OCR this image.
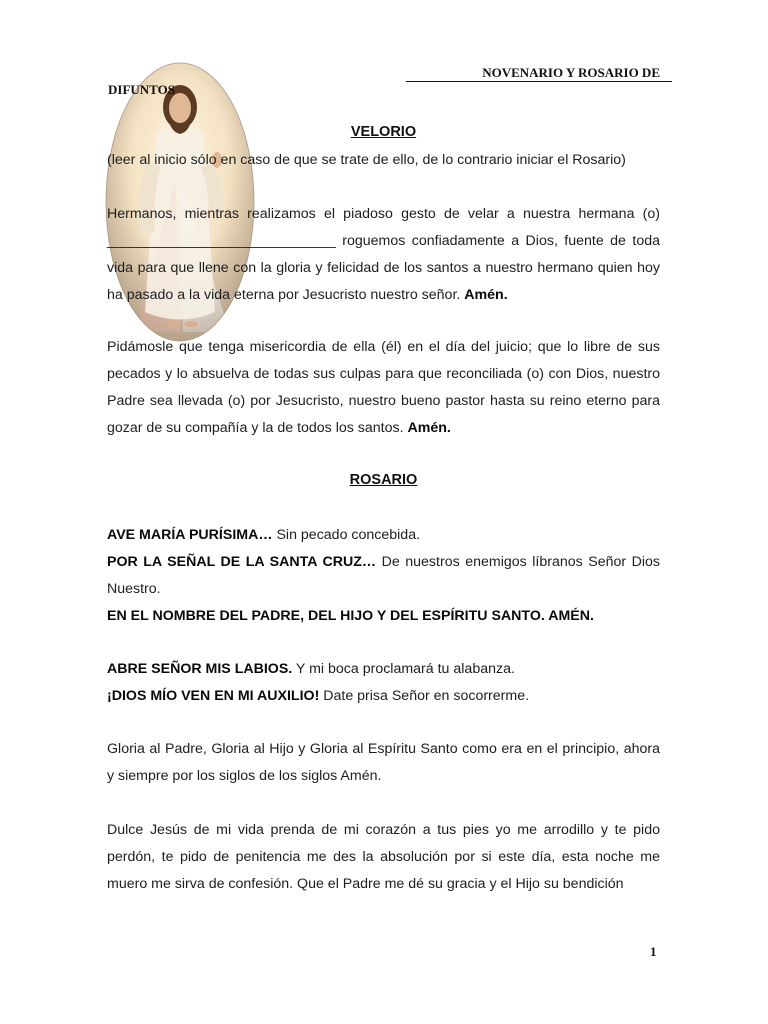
NOVENARIO Y ROSARIO DE
DIFUNTOS
VELORIO

(leer al inicio sólo en caso de que se trate de ello, de lo contrario iniciar el Rosario)

Hermanos, mientras realizamos el piadoso gesto de velar a nuestra hermana (o) _____________________________ roguemos confiadamente a Dios, fuente de toda vida para que llene con la gloria y felicidad de los santos a nuestro hermano quien hoy ha pasado a la vida eterna por Jesucristo nuestro señor. Amén.

Pidámosle que tenga misericordia de ella (él) en el día del juicio; que lo libre de sus pecados y lo absuelva de todas sus culpas para que reconciliada (o) con Dios, nuestro Padre sea llevada (o) por Jesucristo, nuestro bueno pastor hasta su reino eterno para gozar de su compañía y la de todos los santos. Amén.

ROSARIO

AVE MARÍA PURÍSIMA… Sin pecado concebida.

POR LA SEÑAL DE LA SANTA CRUZ… De nuestros enemigos líbranos Señor Dios Nuestro.

EN EL NOMBRE DEL PADRE, DEL HIJO Y DEL ESPÍRITU SANTO. AMÉN.

ABRE SEÑOR MIS LABIOS. Y mi boca proclamará tu alabanza.

¡DIOS MÍO VEN EN MI AUXILIO! Date prisa Señor en socorrerme.

Gloria al Padre, Gloria al Hijo y Gloria al Espíritu Santo como era en el principio, ahora y siempre por los siglos de los siglos Amén.

Dulce Jesús de mi vida prenda de mi corazón a tus pies yo me arrodillo y te pido perdón, te pido de penitencia me des la absolución por si este día, esta noche me muero me sirva de confesión. Que el Padre me dé su gracia y el Hijo su bendición

1
